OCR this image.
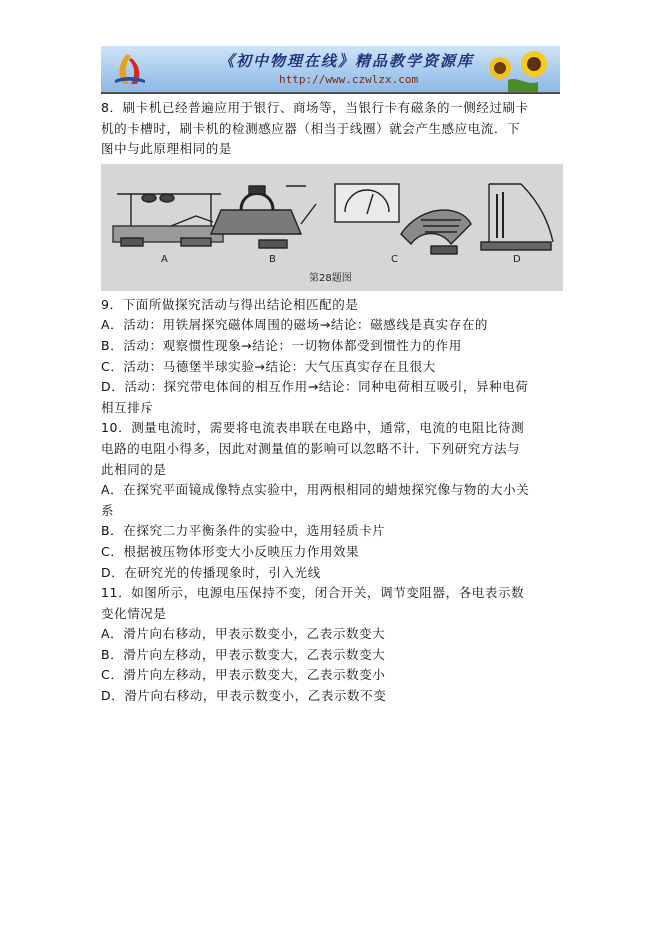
《初中物理在线》精品教学资源库
http://www.czwlzx.com
8．刷卡机已经普遍应用于银行、商场等，当银行卡有磁条的一侧经过刷卡
机的卡槽时，刷卡机的检测感应器（相当于线圈）就会产生感应电流．下
图中与此原理相同的是
A	B	C	D
第28题图
9．下面所做探究活动与得出结论相匹配的是
A．活动：用铁屑探究磁体周围的磁场→结论：磁感线是真实存在的
B．活动：观察惯性现象→结论：一切物体都受到惯性力的作用
C．活动：马德堡半球实验→结论：大气压真实存在且很大
D．活动：探究带电体间的相互作用→结论：同种电荷相互吸引，异种电荷
相互排斥
10．测量电流时，需要将电流表串联在电路中，通常，电流的电阻比待测
电路的电阻小得多，因此对测量值的影响可以忽略不计．下列研究方法与
此相同的是
A．在探究平面镜成像特点实验中，用两根相同的蜡烛探究像与物的大小关
系
B．在探究二力平衡条件的实验中，选用轻质卡片
C．根据被压物体形变大小反映压力作用效果
D．在研究光的传播现象时，引入光线
11．如图所示，电源电压保持不变，闭合开关，调节变阻器，各电表示数
变化情况是
A．滑片向右移动，甲表示数变小，乙表示数变大
B．滑片向左移动，甲表示数变大，乙表示数变大
C．滑片向左移动，甲表示数变大，乙表示数变小
D．滑片向右移动，甲表示数变小，乙表示数不变
